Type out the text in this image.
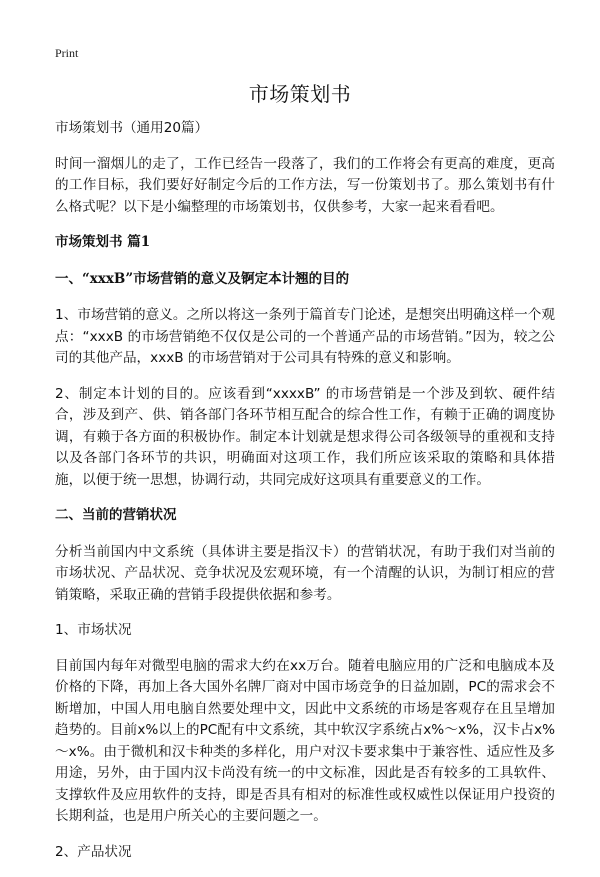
Print
市场策划书

市场策划书（通用20篇）

时间一溜烟儿的走了，工作已经告一段落了，我们的工作将会有更高的难度，更高的工作目标，我们要好好制定今后的工作方法，写一份策划书了。那么策划书有什么格式呢？以下是小编整理的市场策划书，仅供参考，大家一起来看看吧。

市场策划书 篇1

一、“xxxB”市场营销的意义及锕定本计翘的目的

1、市场营销的意义。之所以将这一条列于篇首专门论述，是想突出明确这样一个观点：“xxxB 的市场营销绝不仅仅是公司的一个普通产品的市场营销。”因为，较之公司的其他产品，xxxB 的市场营销对于公司具有特殊的意义和影响。

2、制定本计划的目的。应该看到“xxxxB” 的市场营销是一个涉及到软、硬件结合，涉及到产、供、销各部门各环节相互配合的综合性工作，有赖于正确的调度协调，有赖于各方面的积极协作。制定本计划就是想求得公司各级领导的重视和支持以及各部门各环节的共识，明确面对这项工作，我们所应该采取的策略和具体措施，以便于统一思想，协调行动，共同完成好这项具有重要意义的工作。

二、当前的营销状况

分析当前国内中文系统（具体讲主要是指汉卡）的营销状况，有助于我们对当前的市场状况、产品状况、竞争状况及宏观环境，有一个清醒的认识，为制订相应的营销策略，采取正确的营销手段提供依据和参考。

1、市场状况

目前国内每年对微型电脑的需求大约在xx万台。随着电脑应用的广泛和电脑成本及价格的下降，再加上各大国外名牌厂商对中国市场竞争的日益加剧，PC的需求会不断增加，中国人用电脑自然要处理中文，因此中文系统的市场是客观存在且呈增加趋势的。目前x%以上的PC配有中文系统，其中软汉字系统占x%～x%，汉卡占x%～x%。由于微机和汉卡种类的多样化，用户对汉卡要求集中于兼容性、适应性及多用途，另外，由于国内汉卡尚没有统一的中文标准，因此是否有较多的工具软件、支撑软件及应用软件的支持，即是否具有相对的标准性或权威性以保证用户投资的长期利益，也是用户所关心的主要问题之一。

2、产品状况
